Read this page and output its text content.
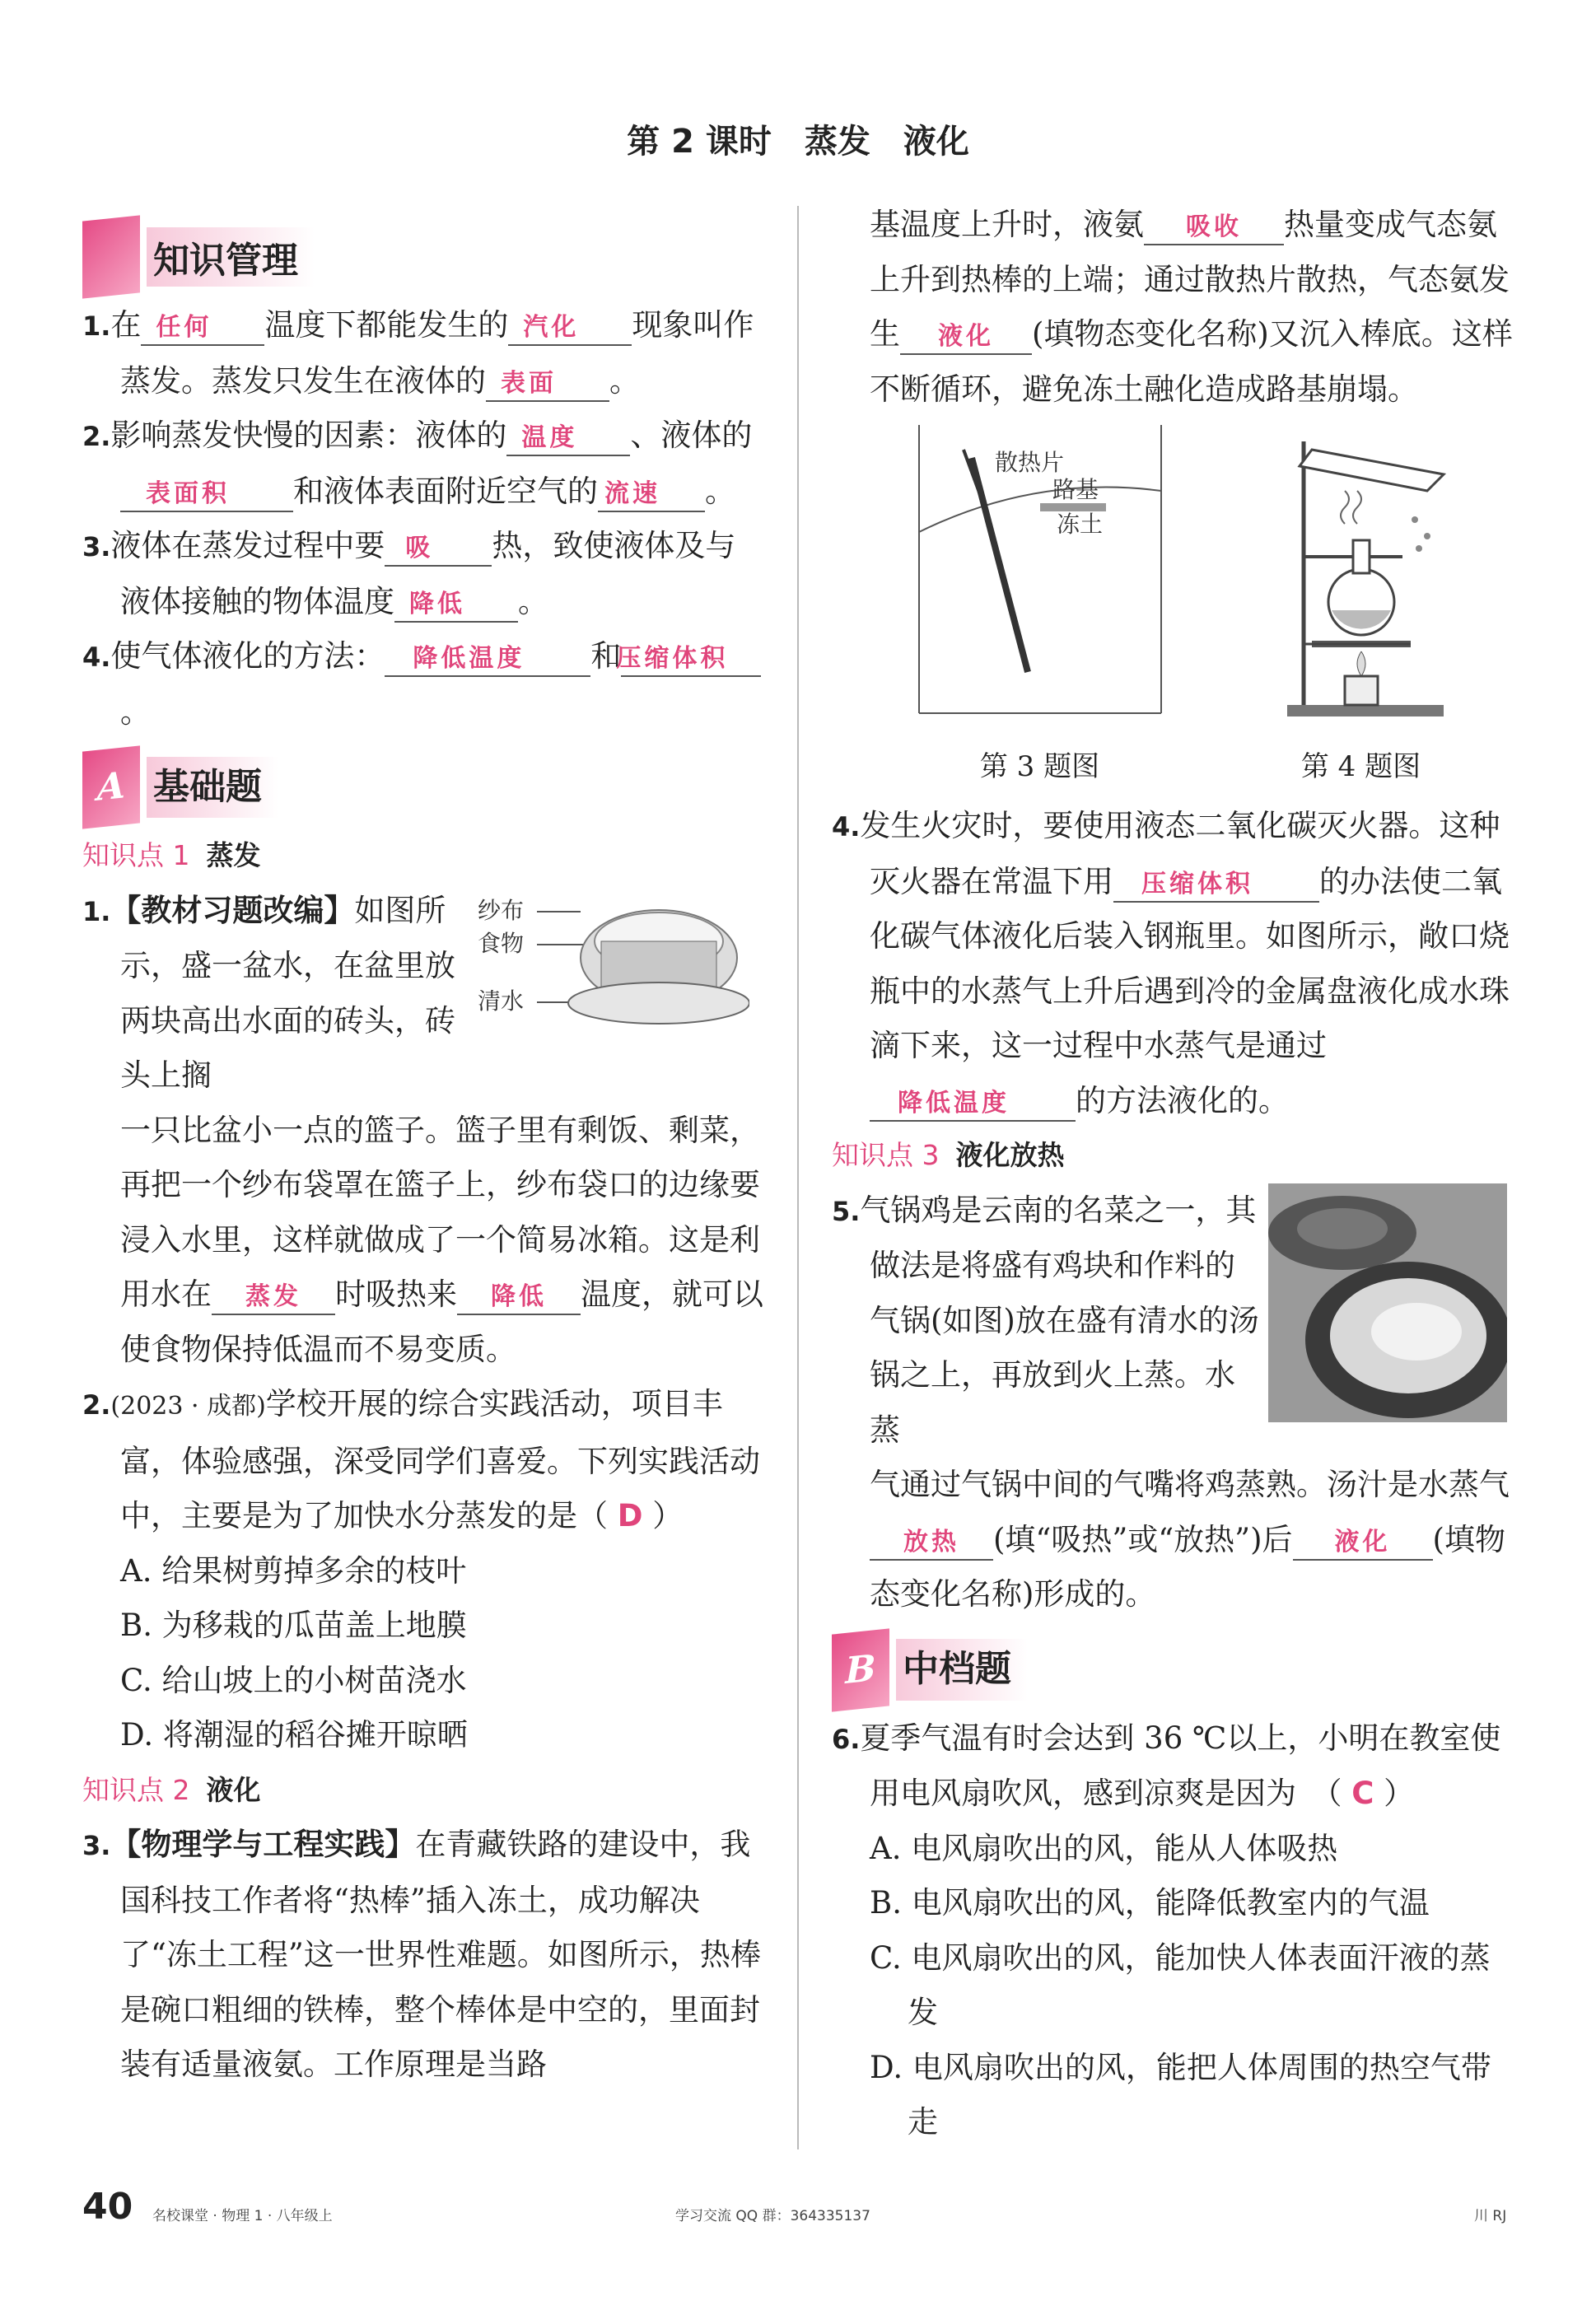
第 2 课时　蒸发　液化
知识管理

1.在 任何 温度下都能发生的 汽化 现象叫作蒸发。蒸发只发生在液体的 表面 。

2.影响蒸发快慢的因素：液体的 温度 、液体的表面积 和液体表面附近空气的 流速 。

3.液体在蒸发过程中要 吸 热，致使液体及与液体接触的物体温度 降低 。

4.使气体液化的方法： 降低温度 和压缩体积。

A 基础题

知识点 1 蒸发

1.【教材习题改编】如图所示，盛一盆水，在盆里放两块高出水面的砖头，砖头上搁

纱布
食物
清水

一只比盆小一点的篮子。篮子里有剩饭、剩菜，再把一个纱布袋罩在篮子上，纱布袋口的边缘要浸入水里，这样就做成了一个简易冰箱。这是利用水在 蒸发 时吸热来 降低 温度，就可以使食物保持低温而不易变质。

2.(2023 · 成都)学校开展的综合实践活动，项目丰富，体验感强，深受同学们喜爱。下列实践活动中，主要是为了加快水分蒸发的是（ D ）

A. 给果树剪掉多余的枝叶

B. 为移栽的瓜苗盖上地膜

C. 给山坡上的小树苗浇水

D. 将潮湿的稻谷摊开晾晒

知识点 2 液化

3.【物理学与工程实践】在青藏铁路的建设中，我国科技工作者将“热棒”插入冻土，成功解决了“冻土工程”这一世界性难题。如图所示，热棒是碗口粗细的铁棒，整个棒体是中空的，里面封装有适量液氨。工作原理是当路

基温度上升时，液氨 吸收 热量变成气态氨上升到热棒的上端；通过散热片散热，气态氨发生 液化 (填物态变化名称)又沉入棒底。这样不断循环，避免冻土融化造成路基崩塌。

散热片
路基
冻土
第 3 题图	第 4 题图

4.发生火灾时，要使用液态二氧化碳灭火器。这种灭火器在常温下用 压缩体积 的办法使二氧化碳气体液化后装入钢瓶里。如图所示，敞口烧瓶中的水蒸气上升后遇到冷的金属盘液化成水珠滴下来，这一过程中水蒸气是通过降低温度 的方法液化的。

知识点 3 液化放热

5.气锅鸡是云南的名菜之一，其做法是将盛有鸡块和作料的气锅(如图)放在盛有清水的汤锅之上，再放到火上蒸。水蒸

气通过气锅中间的气嘴将鸡蒸熟。汤汁是水蒸气放热 (填“吸热”或“放热”)后 液化 (填物态变化名称)形成的。

B 中档题

6.夏季气温有时会达到 36 ℃以上，小明在教室使用电风扇吹风，感到凉爽是因为　（ C ）

A. 电风扇吹出的风，能从人体吸热

B. 电风扇吹出的风，能降低教室内的气温

C. 电风扇吹出的风，能加快人体表面汗液的蒸发

D. 电风扇吹出的风，能把人体周围的热空气带走

40 名校课堂 · 物理 1 · 八年级上	学习交流 QQ 群：364335137	川 RJ
